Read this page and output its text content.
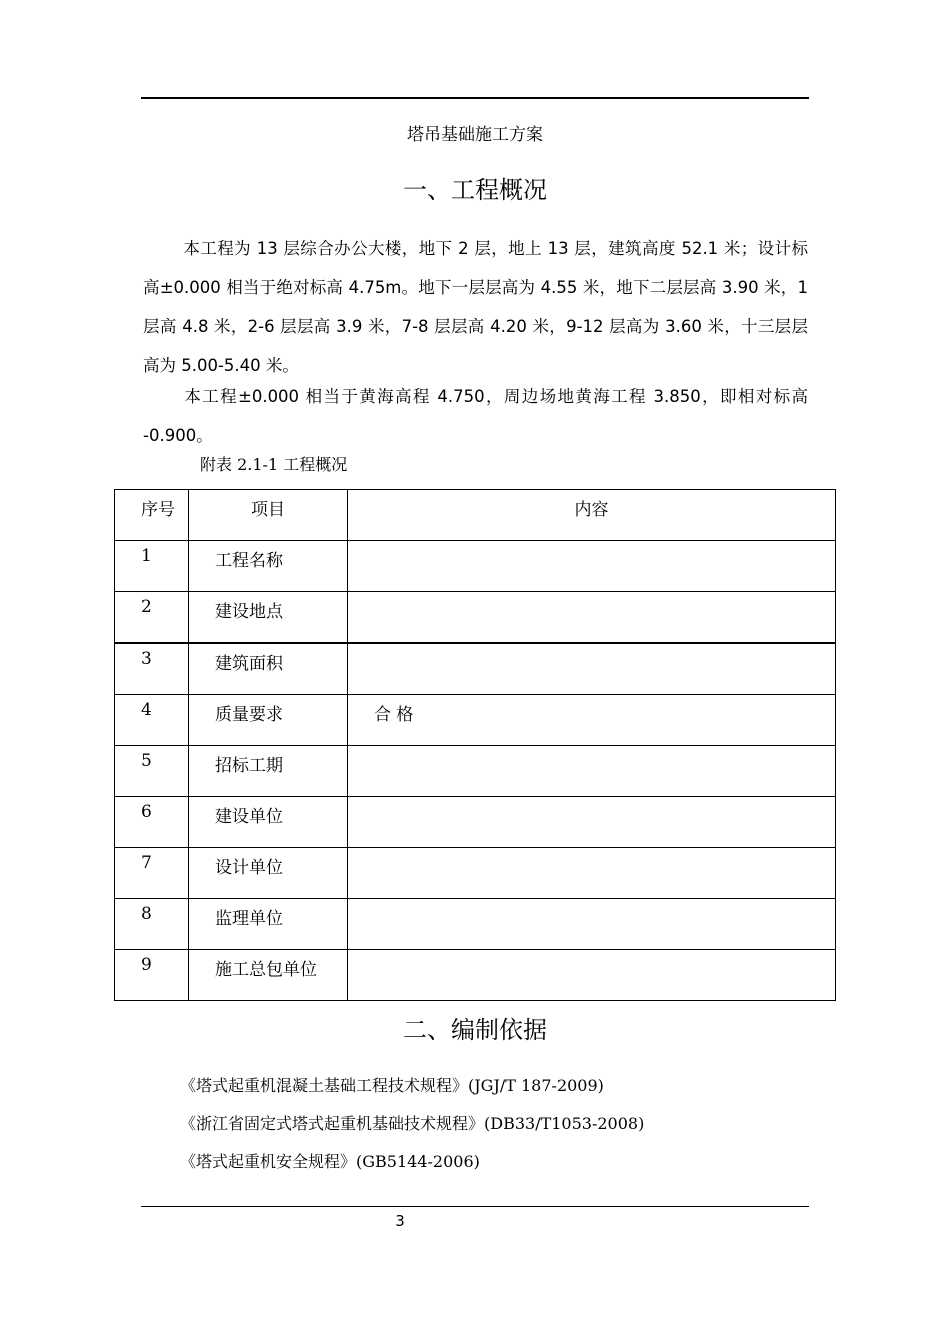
塔吊基础施工方案
一、工程概况
本工程为 13 层综合办公大楼，地下 2 层，地上 13 层，建筑高度 52.1 米；设计标高±0.000 相当于绝对标高 4.75m。地下一层层高为 4.55 米，地下二层层高 3.90 米，1 层高 4.8 米，2-6 层层高 3.9 米，7-8 层层高 4.20 米，9-12 层高为 3.60 米，十三层层高为 5.00-5.40 米。
本工程±0.000 相当于黄海高程 4.750，周边场地黄海工程 3.850，即相对标高 -0.900。
附表 2.1-1 工程概况
序号	项目	内容
1	工程名称	
2	建设地点	
3	建筑面积	
4	质量要求	合 格
5	招标工期	
6	建设单位	
7	设计单位	
8	监理单位	
9	施工总包单位	
二、编制依据
《塔式起重机混凝土基础工程技术规程》(JGJ/T 187-2009)
《浙江省固定式塔式起重机基础技术规程》(DB33/T1053-2008)
《塔式起重机安全规程》(GB5144-2006)
3
